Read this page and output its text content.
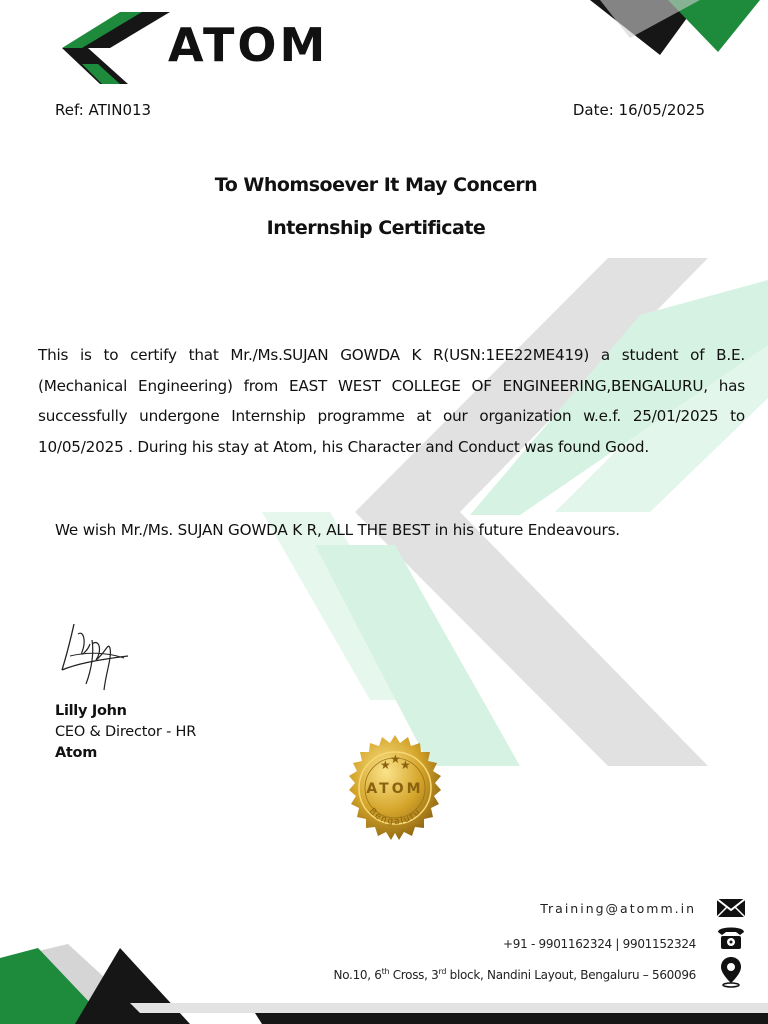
ATOM
Ref: ATIN013	Date: 16/05/2025
To Whomsoever It May Concern
Internship Certificate
This is to certify that Mr./Ms.SUJAN GOWDA K R(USN:1EE22ME419) a student of B.E. (Mechanical Engineering) from EAST WEST COLLEGE OF ENGINEERING,BENGALURU, has successfully undergone Internship programme at our organization w.e.f. 25/01/2025 to 10/05/2025 . During his stay at Atom, his Character and Conduct was found Good.
We wish Mr./Ms. SUJAN GOWDA K R, ALL THE BEST in his future Endeavours.
Lilly John
CEO & Director - HR
Atom
★ ★ ★
ATOM
Bengaluru
Training@atomm.in
+91 - 9901162324 | 9901152324
No.10, 6th Cross, 3rd block, Nandini Layout, Bengaluru – 560096
